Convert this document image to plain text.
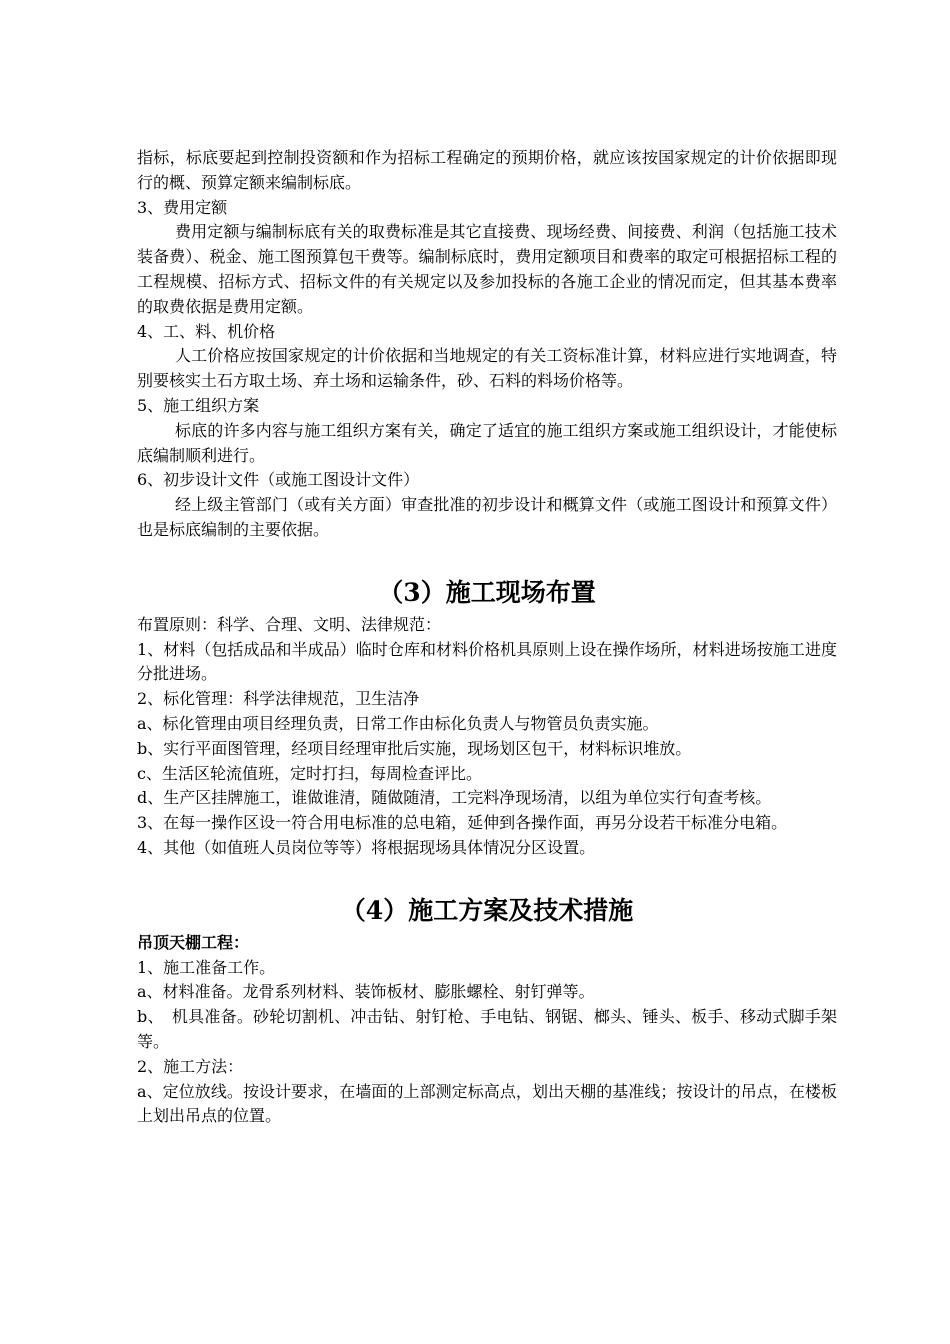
指标，标底要起到控制投资额和作为招标工程确定的预期价格，就应该按国家规定的计价依据即现行的概、预算定额来编制标底。

3、费用定额

费用定额与编制标底有关的取费标准是其它直接费、现场经费、间接费、利润（包括施工技术装备费）、税金、施工图预算包干费等。编制标底时，费用定额项目和费率的取定可根据招标工程的工程规模、招标方式、招标文件的有关规定以及参加投标的各施工企业的情况而定，但其基本费率的取费依据是费用定额。

4、工、料、机价格

人工价格应按国家规定的计价依据和当地规定的有关工资标准计算，材料应进行实地调查，特别要核实土石方取土场、弃土场和运输条件，砂、石料的料场价格等。

5、施工组织方案

标底的许多内容与施工组织方案有关，确定了适宜的施工组织方案或施工组织设计，才能使标底编制顺利进行。

6、初步设计文件（或施工图设计文件）

经上级主管部门（或有关方面）审查批准的初步设计和概算文件（或施工图设计和预算文件）也是标底编制的主要依据。

（3）施工现场布置

布置原则：科学、合理、文明、法律规范：

1、材料（包括成品和半成品）临时仓库和材料价格机具原则上设在操作场所，材料进场按施工进度分批进场。

2、标化管理：科学法律规范，卫生洁净

a、标化管理由项目经理负责，日常工作由标化负责人与物管员负责实施。

b、实行平面图管理，经项目经理审批后实施，现场划区包干，材料标识堆放。

c、生活区轮流值班，定时打扫，每周检查评比。

d、生产区挂牌施工，谁做谁清，随做随清，工完料净现场清，以组为单位实行旬查考核。

3、在每一操作区设一符合用电标准的总电箱，延伸到各操作面，再另分设若干标准分电箱。

4、其他（如值班人员岗位等等）将根据现场具体情况分区设置。

（4）施工方案及技术措施

吊顶天棚工程：

1、施工准备工作。

a、材料准备。龙骨系列材料、装饰板材、膨胀螺栓、射钉弹等。

b、　机具准备。砂轮切割机、冲击钻、射钉枪、手电钻、钢锯、榔头、锤头、板手、移动式脚手架等。

2、施工方法：

a、定位放线。按设计要求，在墙面的上部测定标高点，划出天棚的基准线；按设计的吊点，在楼板上划出吊点的位置。
